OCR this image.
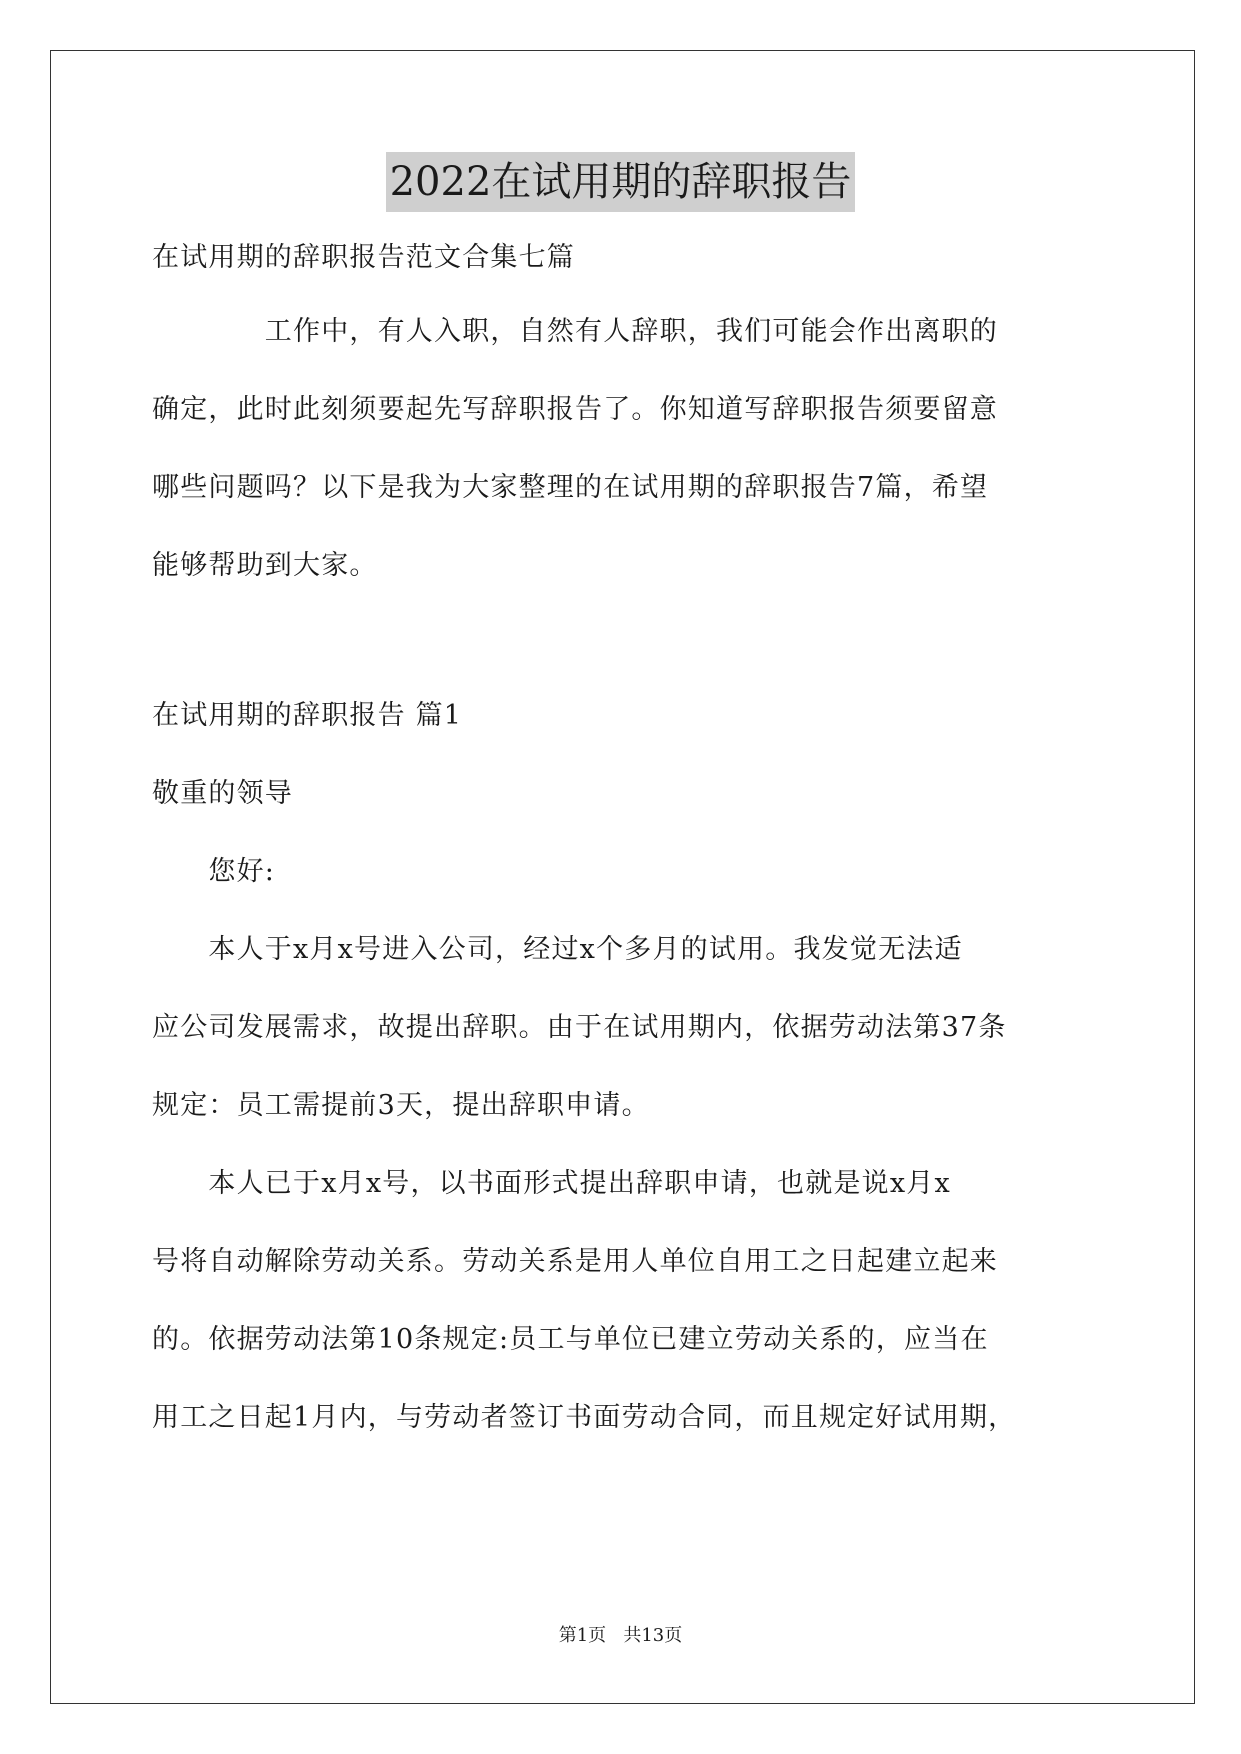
2022在试用期的辞职报告
在试用期的辞职报告范文合集七篇
　　　　工作中，有人入职，自然有人辞职，我们可能会作出离职的
确定，此时此刻须要起先写辞职报告了。你知道写辞职报告须要留意
哪些问题吗？以下是我为大家整理的在试用期的辞职报告7篇，希望
能够帮助到大家。
在试用期的辞职报告 篇1
敬重的领导
　　您好:
　　本人于x月x号进入公司，经过x个多月的试用。我发觉无法适
应公司发展需求，故提出辞职。由于在试用期内，依据劳动法第37条
规定：员工需提前3天，提出辞职申请。
　　本人已于x月x号，以书面形式提出辞职申请，也就是说x月x
号将自动解除劳动关系。劳动关系是用人单位自用工之日起建立起来
的。依据劳动法第10条规定:员工与单位已建立劳动关系的，应当在
用工之日起1月内，与劳动者签订书面劳动合同，而且规定好试用期，
第1页   共13页
